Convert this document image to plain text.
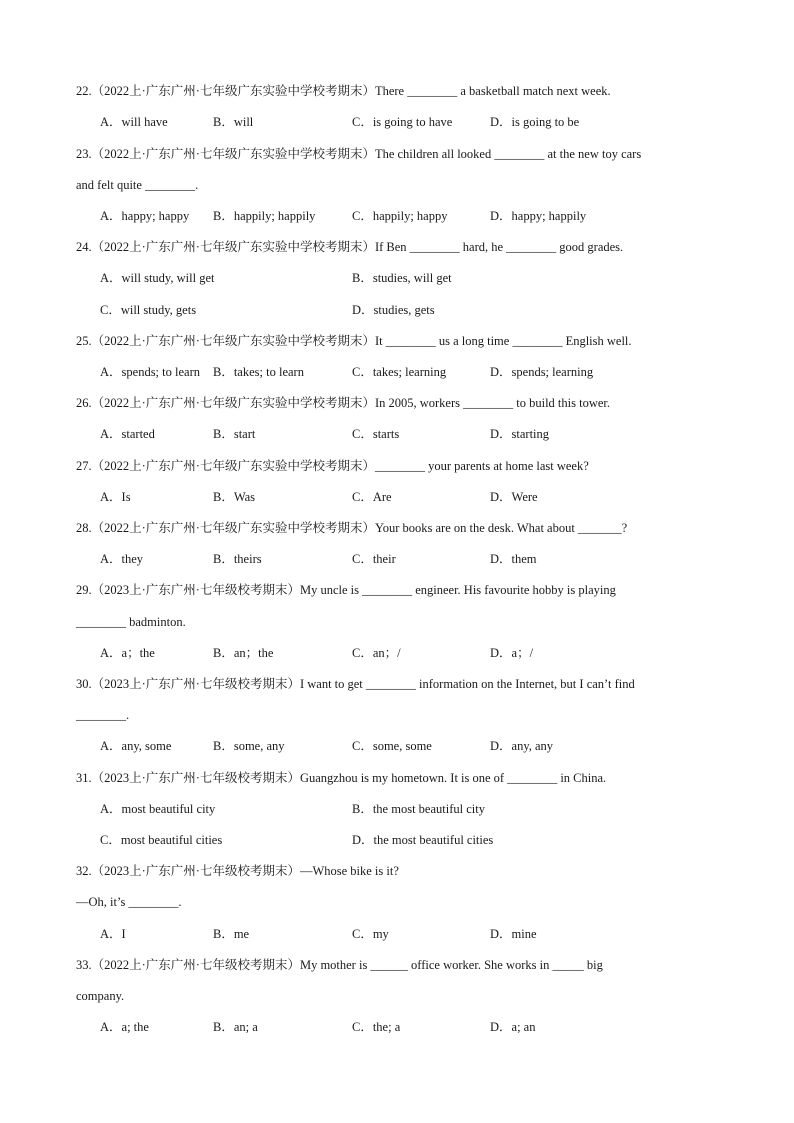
22.（2022上·广东广州·七年级广东实验中学校考期末）There ________ a basketball match next week.
A．will have	B．will	C．is going to have	D．is going to be
23.（2022上·广东广州·七年级广东实验中学校考期末）The children all looked ________ at the new toy cars
and felt quite ________.
A．happy; happy B．happily; happily	C．happily; happy	D．happy; happily
24.（2022上·广东广州·七年级广东实验中学校考期末）If Ben ________ hard, he ________ good grades.
A．will study, will get	B．studies, will get
C．will study, gets	D．studies, gets
25.（2022上·广东广州·七年级广东实验中学校考期末）It ________ us a long time ________ English well.
A．spends; to learn B．takes; to learn	C．takes; learning	D．spends; learning
26.（2022上·广东广州·七年级广东实验中学校考期末）In 2005, workers ________ to build this tower.
A．started	B．start	C．starts	D．starting
27.（2022上·广东广州·七年级广东实验中学校考期末）________ your parents at home last week?
A．Is	B．Was	C．Are	D．Were
28.（2022上·广东广州·七年级广东实验中学校考期末）Your books are on the desk. What about _______?
A．they	B．theirs	C．their	D．them
29.（2023上·广东广州·七年级校考期末）My uncle is ________ engineer. His favourite hobby is playing
________ badminton.
A．a；the	B．an；the	C．an；/	D．a；/
30.（2023上·广东广州·七年级校考期末）I want to get ________ information on the Internet, but I can’t find
________.
A．any, some	B．some, any	C．some, some	D．any, any
31.（2023上·广东广州·七年级校考期末）Guangzhou is my hometown. It is one of ________ in China.
A．most beautiful city	B．the most beautiful city
C．most beautiful cities	D．the most beautiful cities
32.（2023上·广东广州·七年级校考期末）—Whose bike is it?
—Oh, it’s ________.
A．I	B．me	C．my	D．mine
33.（2022上·广东广州·七年级校考期末）My mother is ______ office worker. She works in _____ big
company.
A．a; the	B．an; a	C．the; a	D．a; an
